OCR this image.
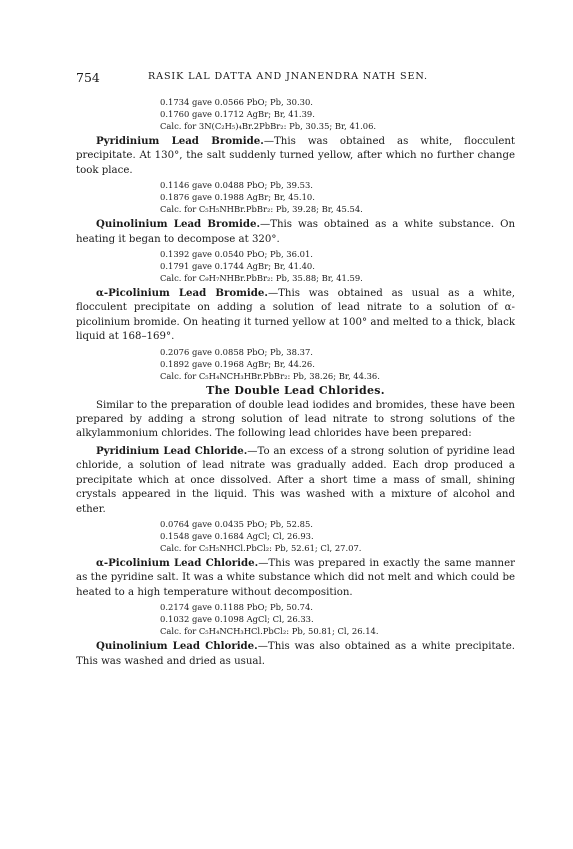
754	RASIK LAL DATTA AND JNANENDRA NATH SEN.
0.1734 gave 0.0566 PbO; Pb, 30.30.
0.1760 gave 0.1712 AgBr; Br, 41.39.
Calc. for 3N(C₂H₅)₄Br.2PbBr₂: Pb, 30.35; Br, 41.06.

Pyridinium Lead Bromide.—This was obtained as white, flocculent precipitate. At 130°, the salt suddenly turned yellow, after which no further change took place.

0.1146 gave 0.0488 PbO; Pb, 39.53.
0.1876 gave 0.1988 AgBr; Br, 45.10.
Calc. for C₅H₅NHBr.PbBr₂: Pb, 39.28; Br, 45.54.

Quinolinium Lead Bromide.—This was obtained as a white substance. On heating it began to decompose at 320°.

0.1392 gave 0.0540 PbO; Pb, 36.01.
0.1791 gave 0.1744 AgBr; Br, 41.40.
Calc. for C₉H₇NHBr.PbBr₂: Pb, 35.88; Br, 41.59.

α-Picolinium Lead Bromide.—This was obtained as usual as a white, flocculent precipitate on adding a solution of lead nitrate to a solution of α-picolinium bromide. On heating it turned yellow at 100° and melted to a thick, black liquid at 168–169°.

0.2076 gave 0.0858 PbO; Pb, 38.37.
0.1892 gave 0.1968 AgBr; Br, 44.26.
Calc. for C₅H₄NCH₃HBr.PbBr₂: Pb, 38.26; Br, 44.36.
The Double Lead Chlorides.

Similar to the preparation of double lead iodides and bromides, these have been prepared by adding a strong solution of lead nitrate to strong solutions of the alkylammonium chlorides. The following lead chlorides have been prepared:

Pyridinium Lead Chloride.—To an excess of a strong solution of pyridine lead chloride, a solution of lead nitrate was gradually added. Each drop produced a precipitate which at once dissolved. After a short time a mass of small, shining crystals appeared in the liquid. This was washed with a mixture of alcohol and ether.

0.0764 gave 0.0435 PbO; Pb, 52.85.
0.1548 gave 0.1684 AgCl; Cl, 26.93.
Calc. for C₅H₅NHCl.PbCl₂: Pb, 52.61; Cl, 27.07.

α-Picolinium Lead Chloride.—This was prepared in exactly the same manner as the pyridine salt. It was a white substance which did not melt and which could be heated to a high temperature without decomposition.

0.2174 gave 0.1188 PbO; Pb, 50.74.
0.1032 gave 0.1098 AgCl; Cl, 26.33.
Calc. for C₅H₄NCH₃HCl.PbCl₂: Pb, 50.81; Cl, 26.14.

Quinolinium Lead Chloride.—This was also obtained as a white precipitate. This was washed and dried as usual.
